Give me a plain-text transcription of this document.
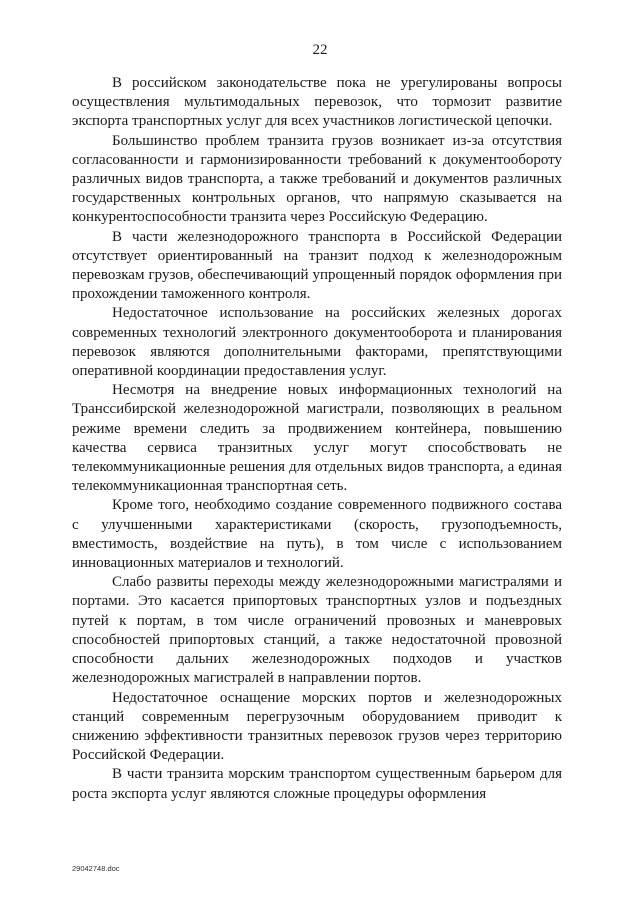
22

В российском законодательстве пока не урегулированы вопросы осуществления мультимодальных перевозок, что тормозит развитие экспорта транспортных услуг для всех участников логистической цепочки.

Большинство проблем транзита грузов возникает из-за отсутствия согласованности и гармонизированности требований к документообороту различных видов транспорта, а также требований и документов различных государственных контрольных органов, что напрямую сказывается на конкурентоспособности транзита через Российскую Федерацию.

В части железнодорожного транспорта в Российской Федерации отсутствует ориентированный на транзит подход к железнодорожным перевозкам грузов, обеспечивающий упрощенный порядок оформления при прохождении таможенного контроля.

Недостаточное использование на российских железных дорогах современных технологий электронного документооборота и планирования перевозок являются дополнительными факторами, препятствующими оперативной координации предоставления услуг.

Несмотря на внедрение новых информационных технологий на Транссибирской железнодорожной магистрали, позволяющих в реальном режиме времени следить за продвижением контейнера, повышению качества сервиса транзитных услуг могут способствовать не телекоммуникационные решения для отдельных видов транспорта, а единая телекоммуникационная транспортная сеть.

Кроме того, необходимо создание современного подвижного состава с улучшенными характеристиками (скорость, грузоподъемность, вместимость, воздействие на путь), в том числе с использованием инновационных материалов и технологий.

Слабо развиты переходы между железнодорожными магистралями и портами. Это касается припортовых транспортных узлов и подъездных путей к портам, в том числе ограничений провозных и маневровых способностей припортовых станций, а также недостаточной провозной способности дальних железнодорожных подходов и участков железнодорожных магистралей в направлении портов.

Недостаточное оснащение морских портов и железнодорожных станций современным перегрузочным оборудованием приводит к снижению эффективности транзитных перевозок грузов через территорию Российской Федерации.

В части транзита морским транспортом существенным барьером для роста экспорта услуг являются сложные процедуры оформления

29042748.doc
